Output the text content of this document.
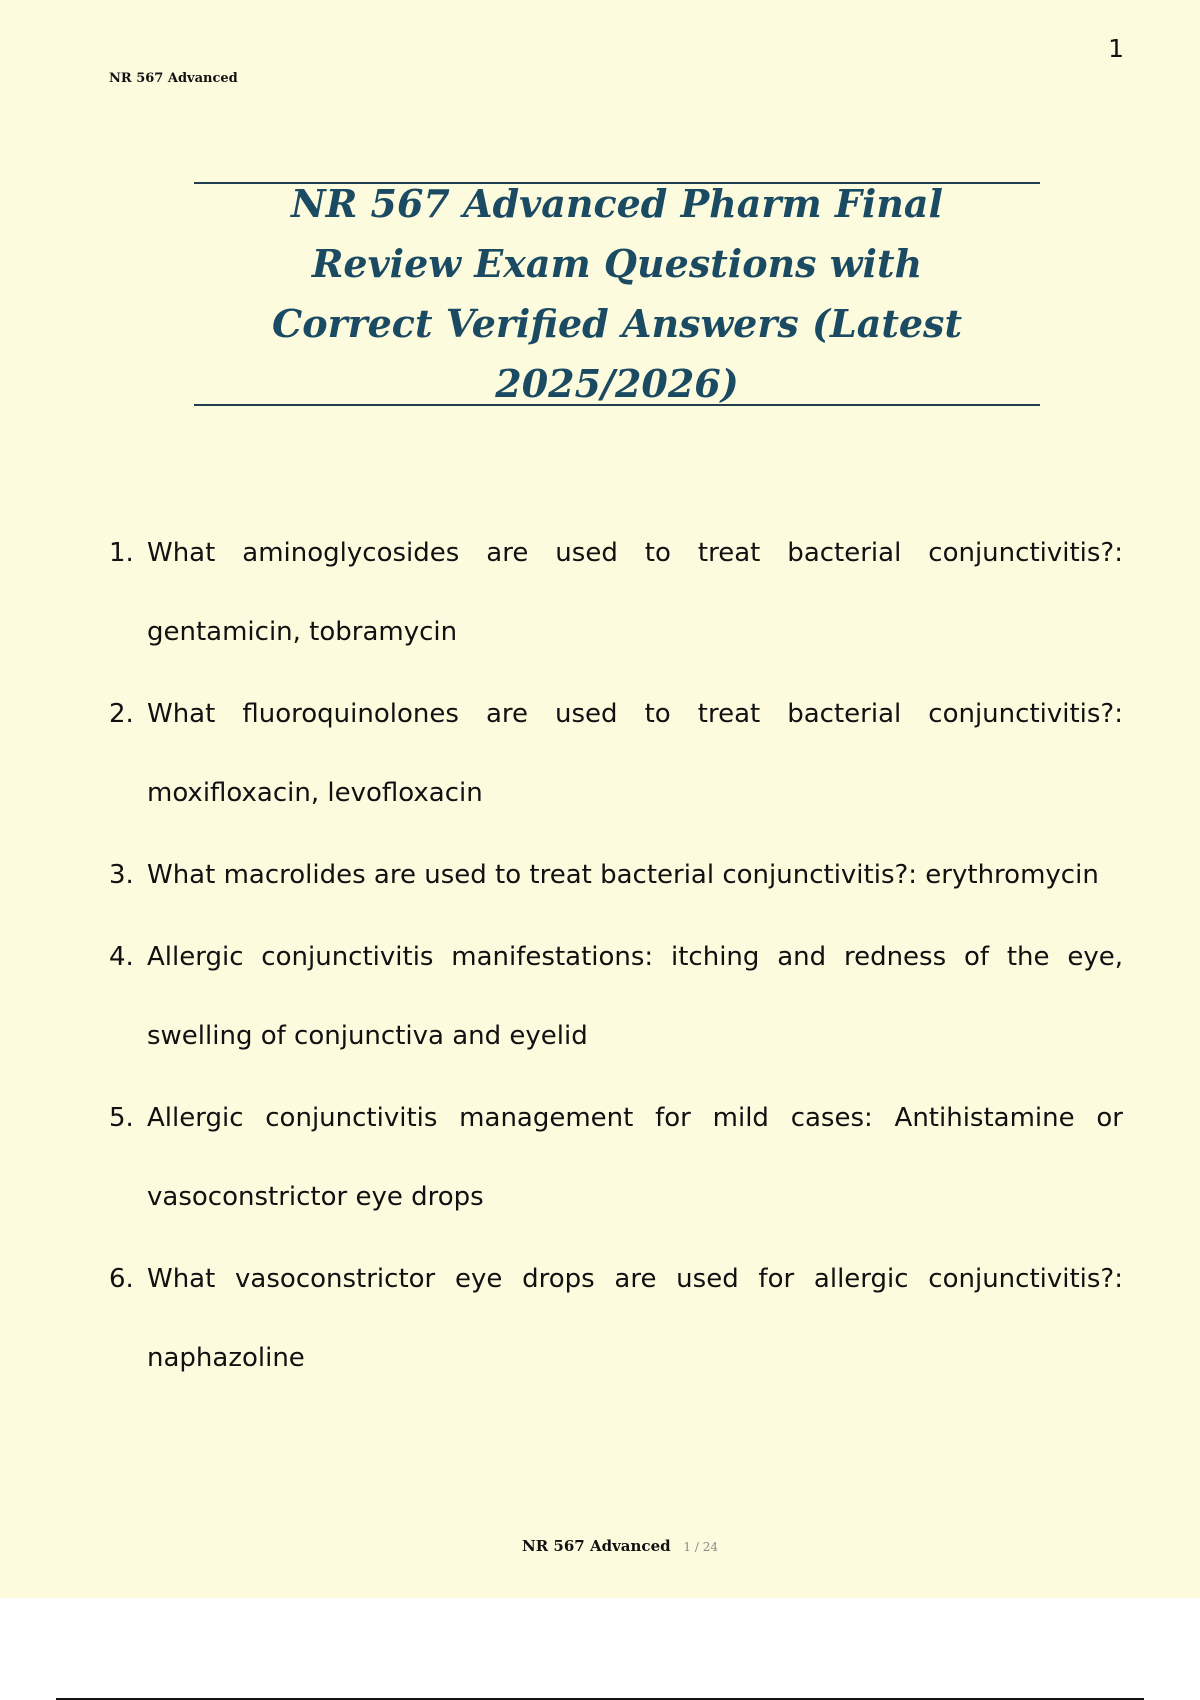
1
NR 567 Advanced
NR 567 Advanced Pharm Final Review Exam Questions with Correct Verified Answers (Latest 2025/2026)
1. What aminoglycosides are used to treat bacterial conjunctivitis?: gentamicin, tobramycin
2. What fluoroquinolones are used to treat bacterial conjunctivitis?: moxifloxacin, levofloxacin
3. What macrolides are used to treat bacterial conjunctivitis?: erythromycin
4. Allergic conjunctivitis manifestations: itching and redness of the eye, swelling of conjunctiva and eyelid
5. Allergic conjunctivitis management for mild cases: Antihistamine or vasoconstrictor eye drops
6. What vasoconstrictor eye drops are used for allergic conjunctivitis?: naphazoline
NR 567 Advanced 1 / 24
